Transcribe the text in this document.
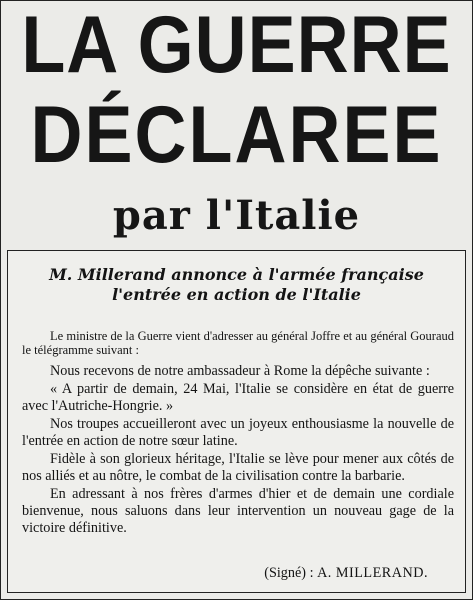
LA GUERRE
DÉCLAREE
par l'Italie
M. Millerand annonce à l'armée française
l'entrée en action de l'Italie
Le ministre de la Guerre vient d'adresser au général Joffre et au général Gouraud le télégramme suivant :

Nous recevons de notre ambassadeur à Rome la dépêche suivante :

« A partir de demain, 24 Mai, l'Italie se considère en état de guerre avec l'Autriche-Hongrie. »

Nos troupes accueilleront avec un joyeux enthousiasme la nouvelle de l'entrée en action de notre sœur latine.

Fidèle à son glorieux héritage, l'Italie se lève pour mener aux côtés de nos alliés et au nôtre, le combat de la civilisation contre la barbarie.

En adressant à nos frères d'armes d'hier et de demain une cordiale bienvenue, nous saluons dans leur intervention un nouveau gage de la victoire définitive.

(Signé) : A. MILLERAND.
